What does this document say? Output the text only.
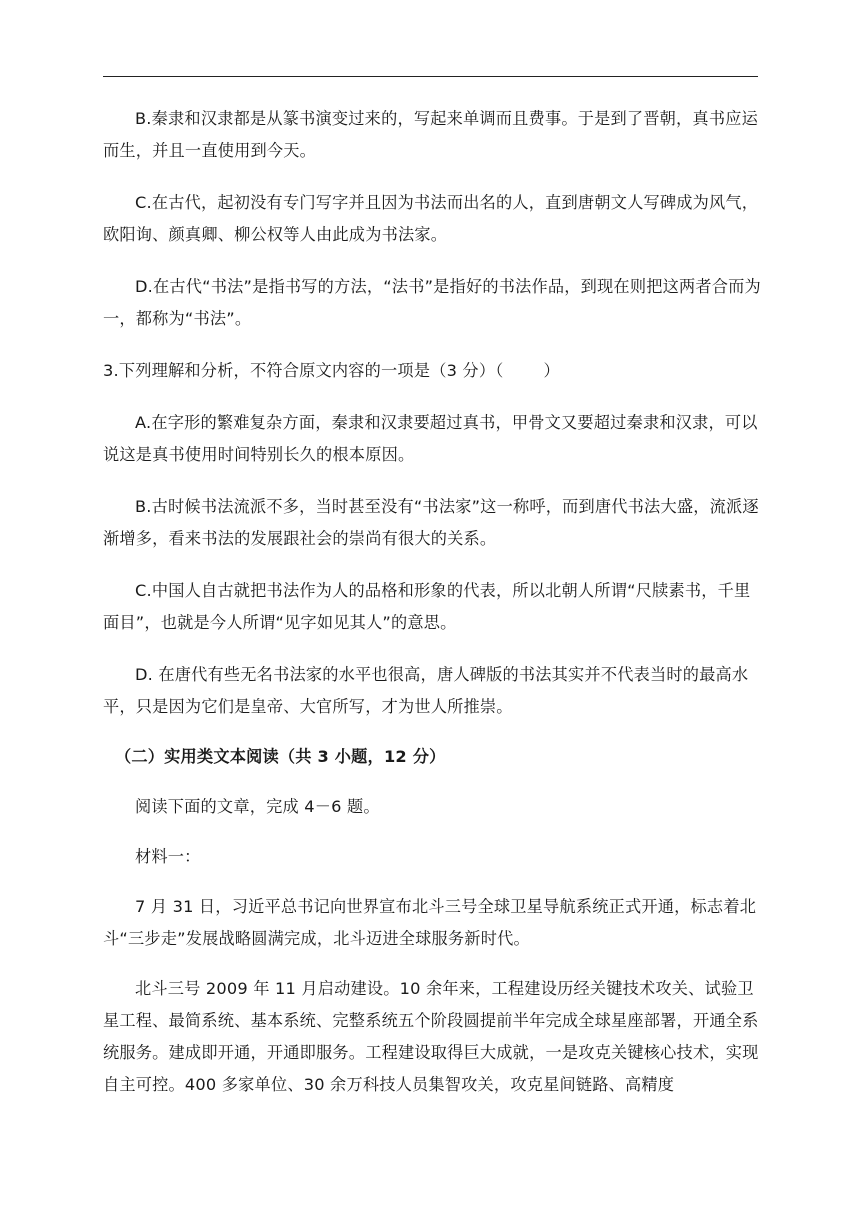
B.秦隶和汉隶都是从篆书演变过来的，写起来单调而且费事。于是到了晋朝，真书应运而生，并且一直使用到今天。

C.在古代，起初没有专门写字并且因为书法而出名的人，直到唐朝文人写碑成为风气，欧阳询、颜真卿、柳公权等人由此成为书法家。

D.在古代“书法”是指书写的方法，“法书”是指好的书法作品，到现在则把这两者合而为一，都称为“书法”。

3.下列理解和分析，不符合原文内容的一项是（3 分）（ ）

A.在字形的繁难复杂方面，秦隶和汉隶要超过真书，甲骨文又要超过秦隶和汉隶，可以说这是真书使用时间特别长久的根本原因。

B.古时候书法流派不多，当时甚至没有“书法家”这一称呼，而到唐代书法大盛，流派逐渐增多，看来书法的发展跟社会的崇尚有很大的关系。

C.中国人自古就把书法作为人的品格和形象的代表，所以北朝人所谓“尺牍素书，千里面目”，也就是今人所谓“见字如见其人”的意思。

D. 在唐代有些无名书法家的水平也很高，唐人碑版的书法其实并不代表当时的最高水平，只是因为它们是皇帝、大官所写，才为世人所推崇。

（二）实用类文本阅读（共 3 小题，12 分）

阅读下面的文章，完成 4－6 题。

材料一：

7 月 31 日，习近平总书记向世界宣布北斗三号全球卫星导航系统正式开通，标志着北斗“三步走”发展战略圆满完成，北斗迈进全球服务新时代。

北斗三号 2009 年 11 月启动建设。10 余年来，工程建设历经关键技术攻关、试验卫星工程、最简系统、基本系统、完整系统五个阶段圆提前半年完成全球星座部署，开通全系统服务。建成即开通，开通即服务。工程建设取得巨大成就，一是攻克关键核心技术，实现自主可控。400 多家单位、30 余万科技人员集智攻关，攻克星间链路、高精度
